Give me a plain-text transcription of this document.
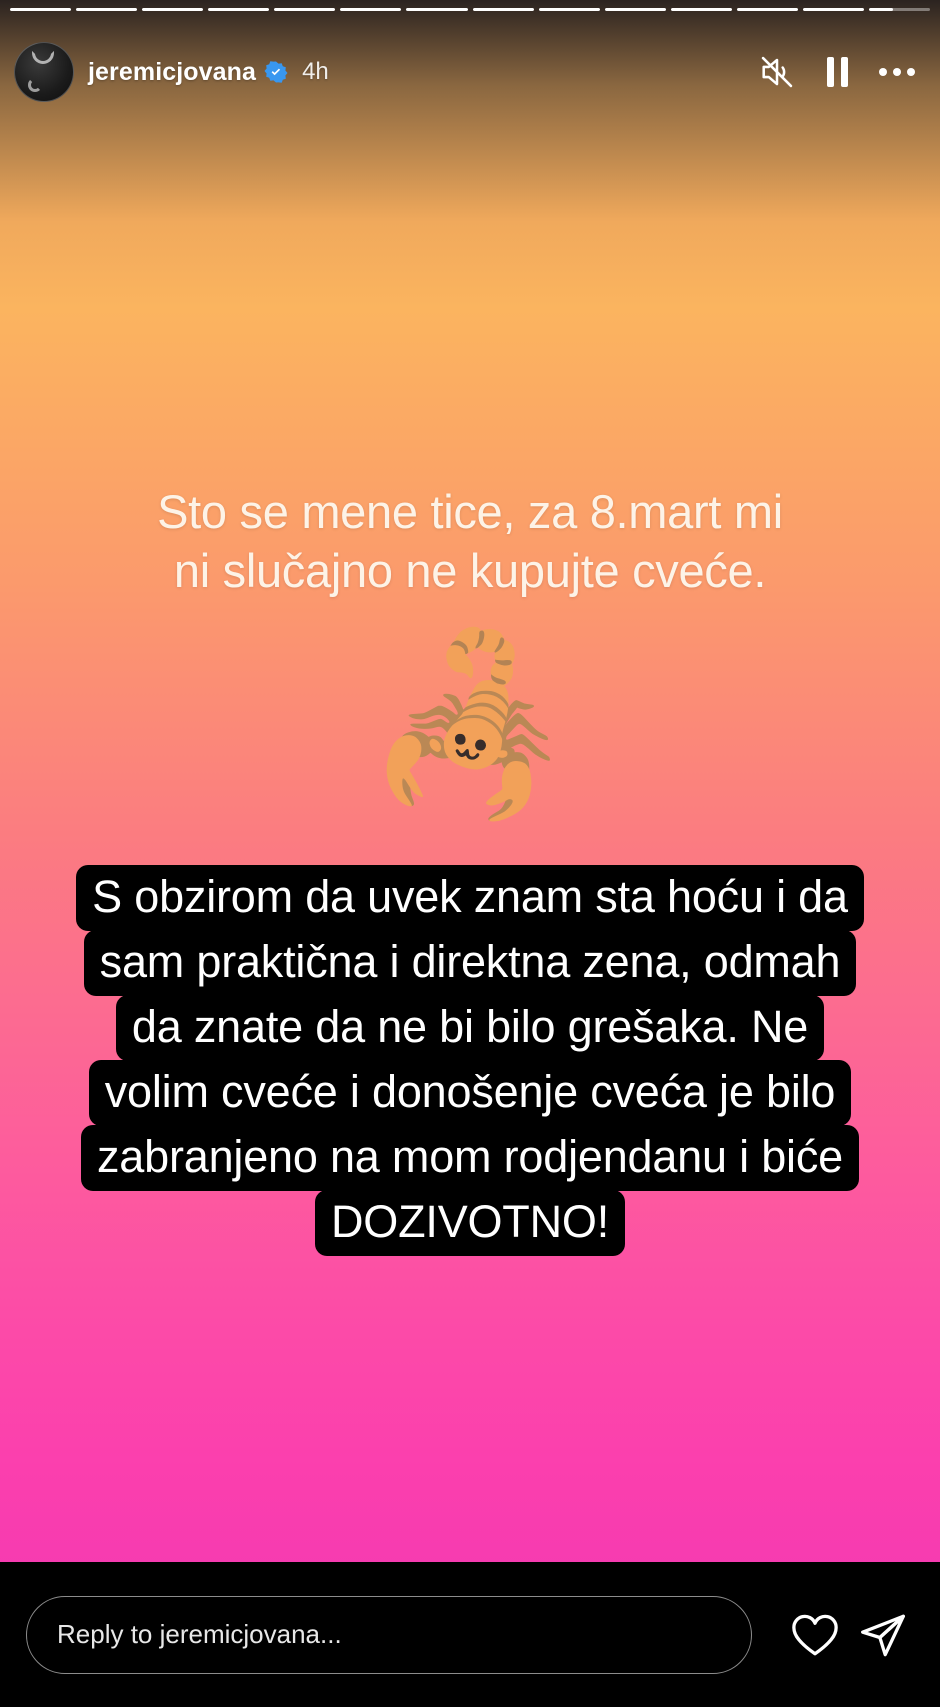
jeremicjovana 4h
Sto se mene tice, za 8.mart mi
ni slučajno ne kupujte cveće.
🦂
S obzirom da uvek znam sta hoću i da
sam praktična i direktna zena, odmah
da znate da ne bi bilo grešaka. Ne
volim cveće i donošenje cveća je bilo
zabranjeno na mom rodjendanu i biće
DOZIVOTNO!
Reply to jeremicjovana...
